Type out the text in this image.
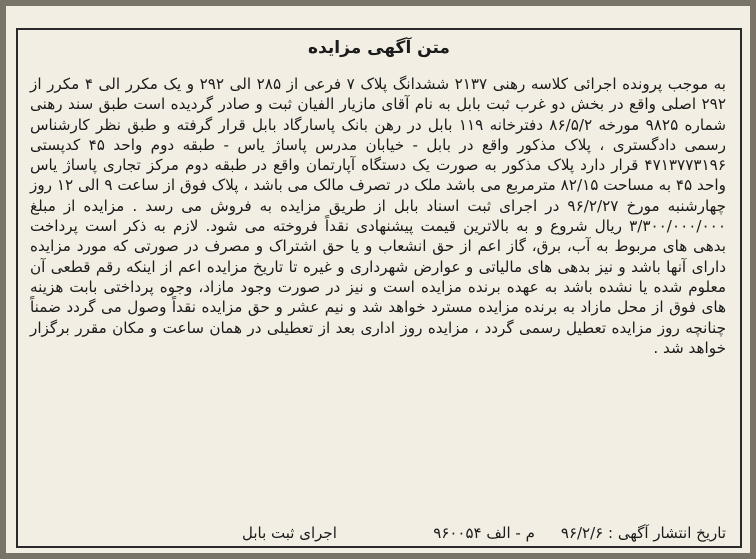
متن آگهی مزایده

به موجب پرونده اجرائی کلاسه رهنی ۲۱۳۷ ششدانگ پلاک ۷ فرعی از ۲۸۵ الی ۲۹۲ و یک مکرر الی ۴ مکرر از ۲۹۲ اصلی واقع در بخش دو غرب ثبت بابل به نام آقای مازیار الفیان ثبت و صادر گردیده است طبق سند رهنی شماره ۹۸۲۵ مورخه ۸۶/۵/۲ دفترخانه ۱۱۹ بابل در رهن بانک پاسارگاد بابل قرار گرفته و طبق نظر کارشناس رسمی دادگستری ، پلاک مذکور واقع در بابل - خیابان مدرس پاساژ یاس - طبقه دوم واحد ۴۵ کدپستی ۴۷۱۳۷۷۳۱۹۶ قرار دارد پلاک مذکور به صورت یک دستگاه آپارتمان واقع در طبقه دوم مرکز تجاری پاساژ یاس واحد ۴۵ به مساحت ۸۲/۱۵ مترمربع می باشد ملک در تصرف مالک می باشد ، پلاک فوق از ساعت ۹ الی ۱۲ روز چهارشنبه مورخ ۹۶/۲/۲۷ در اجرای ثبت اسناد بابل از طریق مزایده به فروش می رسد . مزایده از مبلغ ۳/۳۰۰/۰۰۰/۰۰۰ ریال شروع و به بالاترین قیمت پیشنهادی نقداً فروخته می شود. لازم به ذکر است پرداخت بدهی های مربوط به آب، برق، گاز اعم از حق انشعاب و یا حق اشتراک و مصرف در صورتی که مورد مزایده دارای آنها باشد و نیز بدهی های مالیاتی و عوارض شهرداری و غیره تا تاریخ مزایده اعم از اینکه رقم قطعی آن معلوم شده یا نشده باشد به عهده برنده مزایده است و نیز در صورت وجود مازاد، وجوه پرداختی بابت هزینه های فوق از محل مازاد به برنده مزایده مسترد خواهد شد و نیم عشر و حق مزایده نقداً وصول می گردد ضمناً چنانچه روز مزایده تعطیل رسمی گردد ، مزایده روز اداری بعد از تعطیلی در همان ساعت و مکان مقرر برگزار خواهد شد .

تاریخ انتشار آگهی : ۹۶/۲/۶
م - الف ۹۶۰۰۵۴
اجرای ثبت بابل
